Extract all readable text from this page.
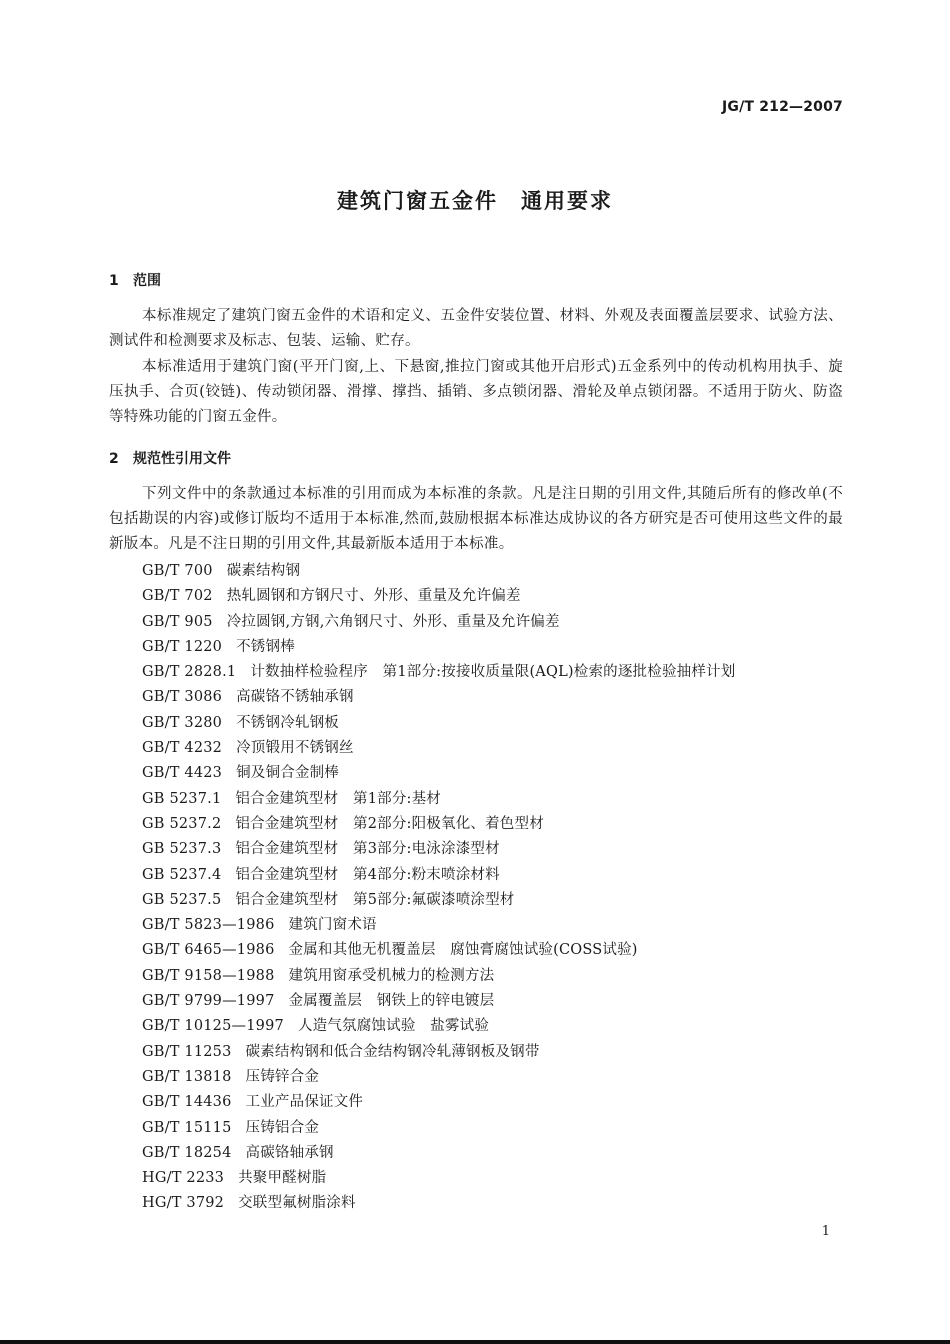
JG/T 212—2007
建筑门窗五金件　通用要求
1 范围

本标准规定了建筑门窗五金件的术语和定义、五金件安装位置、材料、外观及表面覆盖层要求、试验方法、测试件和检测要求及标志、包装、运输、贮存。

本标准适用于建筑门窗(平开门窗,上、下悬窗,推拉门窗或其他开启形式)五金系列中的传动机构用执手、旋压执手、合页(铰链)、传动锁闭器、滑撑、撑挡、插销、多点锁闭器、滑轮及单点锁闭器。不适用于防火、防盗等特殊功能的门窗五金件。

2 规范性引用文件

下列文件中的条款通过本标准的引用而成为本标准的条款。凡是注日期的引用文件,其随后所有的修改单(不包括勘误的内容)或修订版均不适用于本标准,然而,鼓励根据本标准达成协议的各方研究是否可使用这些文件的最新版本。凡是不注日期的引用文件,其最新版本适用于本标准。

GB/T 700 碳素结构钢
GB/T 702 热轧圆钢和方钢尺寸、外形、重量及允许偏差
GB/T 905 冷拉圆钢,方钢,六角钢尺寸、外形、重量及允许偏差
GB/T 1220 不锈钢棒
GB/T 2828.1 计数抽样检验程序　第1部分:按接收质量限(AQL)检索的逐批检验抽样计划
GB/T 3086 高碳铬不锈轴承钢
GB/T 3280 不锈钢冷轧钢板
GB/T 4232 冷顶锻用不锈钢丝
GB/T 4423 铜及铜合金制棒
GB 5237.1 铝合金建筑型材　第1部分:基材
GB 5237.2 铝合金建筑型材　第2部分:阳极氧化、着色型材
GB 5237.3 铝合金建筑型材　第3部分:电泳涂漆型材
GB 5237.4 铝合金建筑型材　第4部分:粉末喷涂材料
GB 5237.5 铝合金建筑型材　第5部分:氟碳漆喷涂型材
GB/T 5823—1986 建筑门窗术语
GB/T 6465—1986 金属和其他无机覆盖层　腐蚀膏腐蚀试验(COSS试验)
GB/T 9158—1988 建筑用窗承受机械力的检测方法
GB/T 9799—1997 金属覆盖层　钢铁上的锌电镀层
GB/T 10125—1997 人造气氛腐蚀试验　盐雾试验
GB/T 11253 碳素结构钢和低合金结构钢冷轧薄钢板及钢带
GB/T 13818 压铸锌合金
GB/T 14436 工业产品保证文件
GB/T 15115 压铸铝合金
GB/T 18254 高碳铬轴承钢
HG/T 2233 共聚甲醛树脂
HG/T 3792 交联型氟树脂涂料
1
